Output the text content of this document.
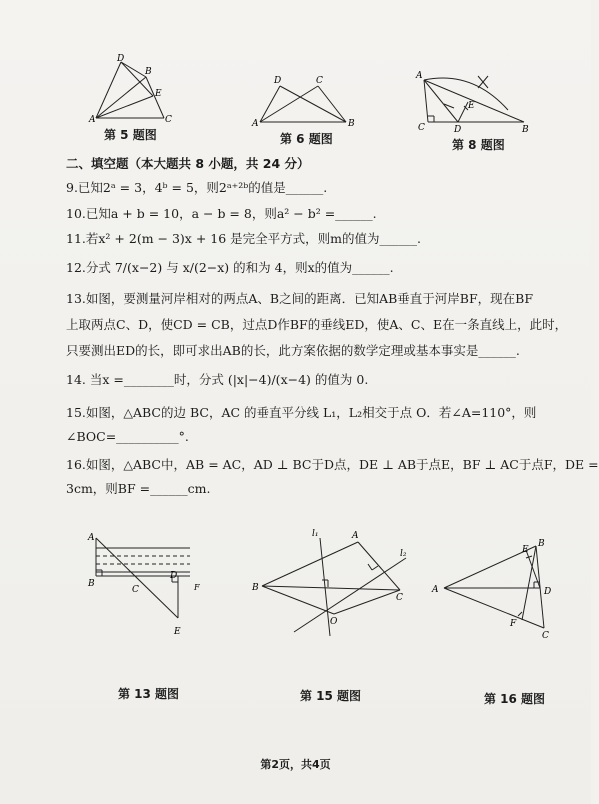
A
D
B
E
C
第 5 题图
D	C
A	B
第 6 题图
A
C	D
E
B
第 8 题图
二、填空题（本大题共 8 小题，共 24 分）
9.已知2ᵃ = 3，4ᵇ = 5，则2ᵃ⁺²ᵇ的值是______.
10.已知a + b = 10，a − b = 8，则a² − b² =______.
11.若x² + 2(m − 3)x + 16 是完全平方式，则m的值为______.
12.分式 7/(x−2) 与 x/(2−x) 的和为 4，则x的值为______.
13.如图，要测量河岸相对的两点A、B之间的距离．已知AB垂直于河岸BF，现在BF
上取两点C、D，使CD = CB，过点D作BF的垂线ED，使A、C、E在一条直线上，此时，
只要测出ED的长，即可求出AB的长，此方案依据的数学定理或基本事实是______.
14. 当x =________时，分式 (|x|−4)/(x−4) 的值为 0.
15.如图，△ABC的边 BC，AC 的垂直平分线 L₁，L₂相交于点 O．若∠A=110°，则
∠BOC=__________°.
16.如图，△ABC中，AB = AC，AD ⊥ BC于D点，DE ⊥ AB于点E，BF ⊥ AC于点F，DE =
3cm，则BF =______cm.
A
B
C
D
F
E
第 13 题图
l₁
l₂
A
B
C
O
第 15 题图
A
E
B
D
F
C
第 16 题图
第2页，共4页
